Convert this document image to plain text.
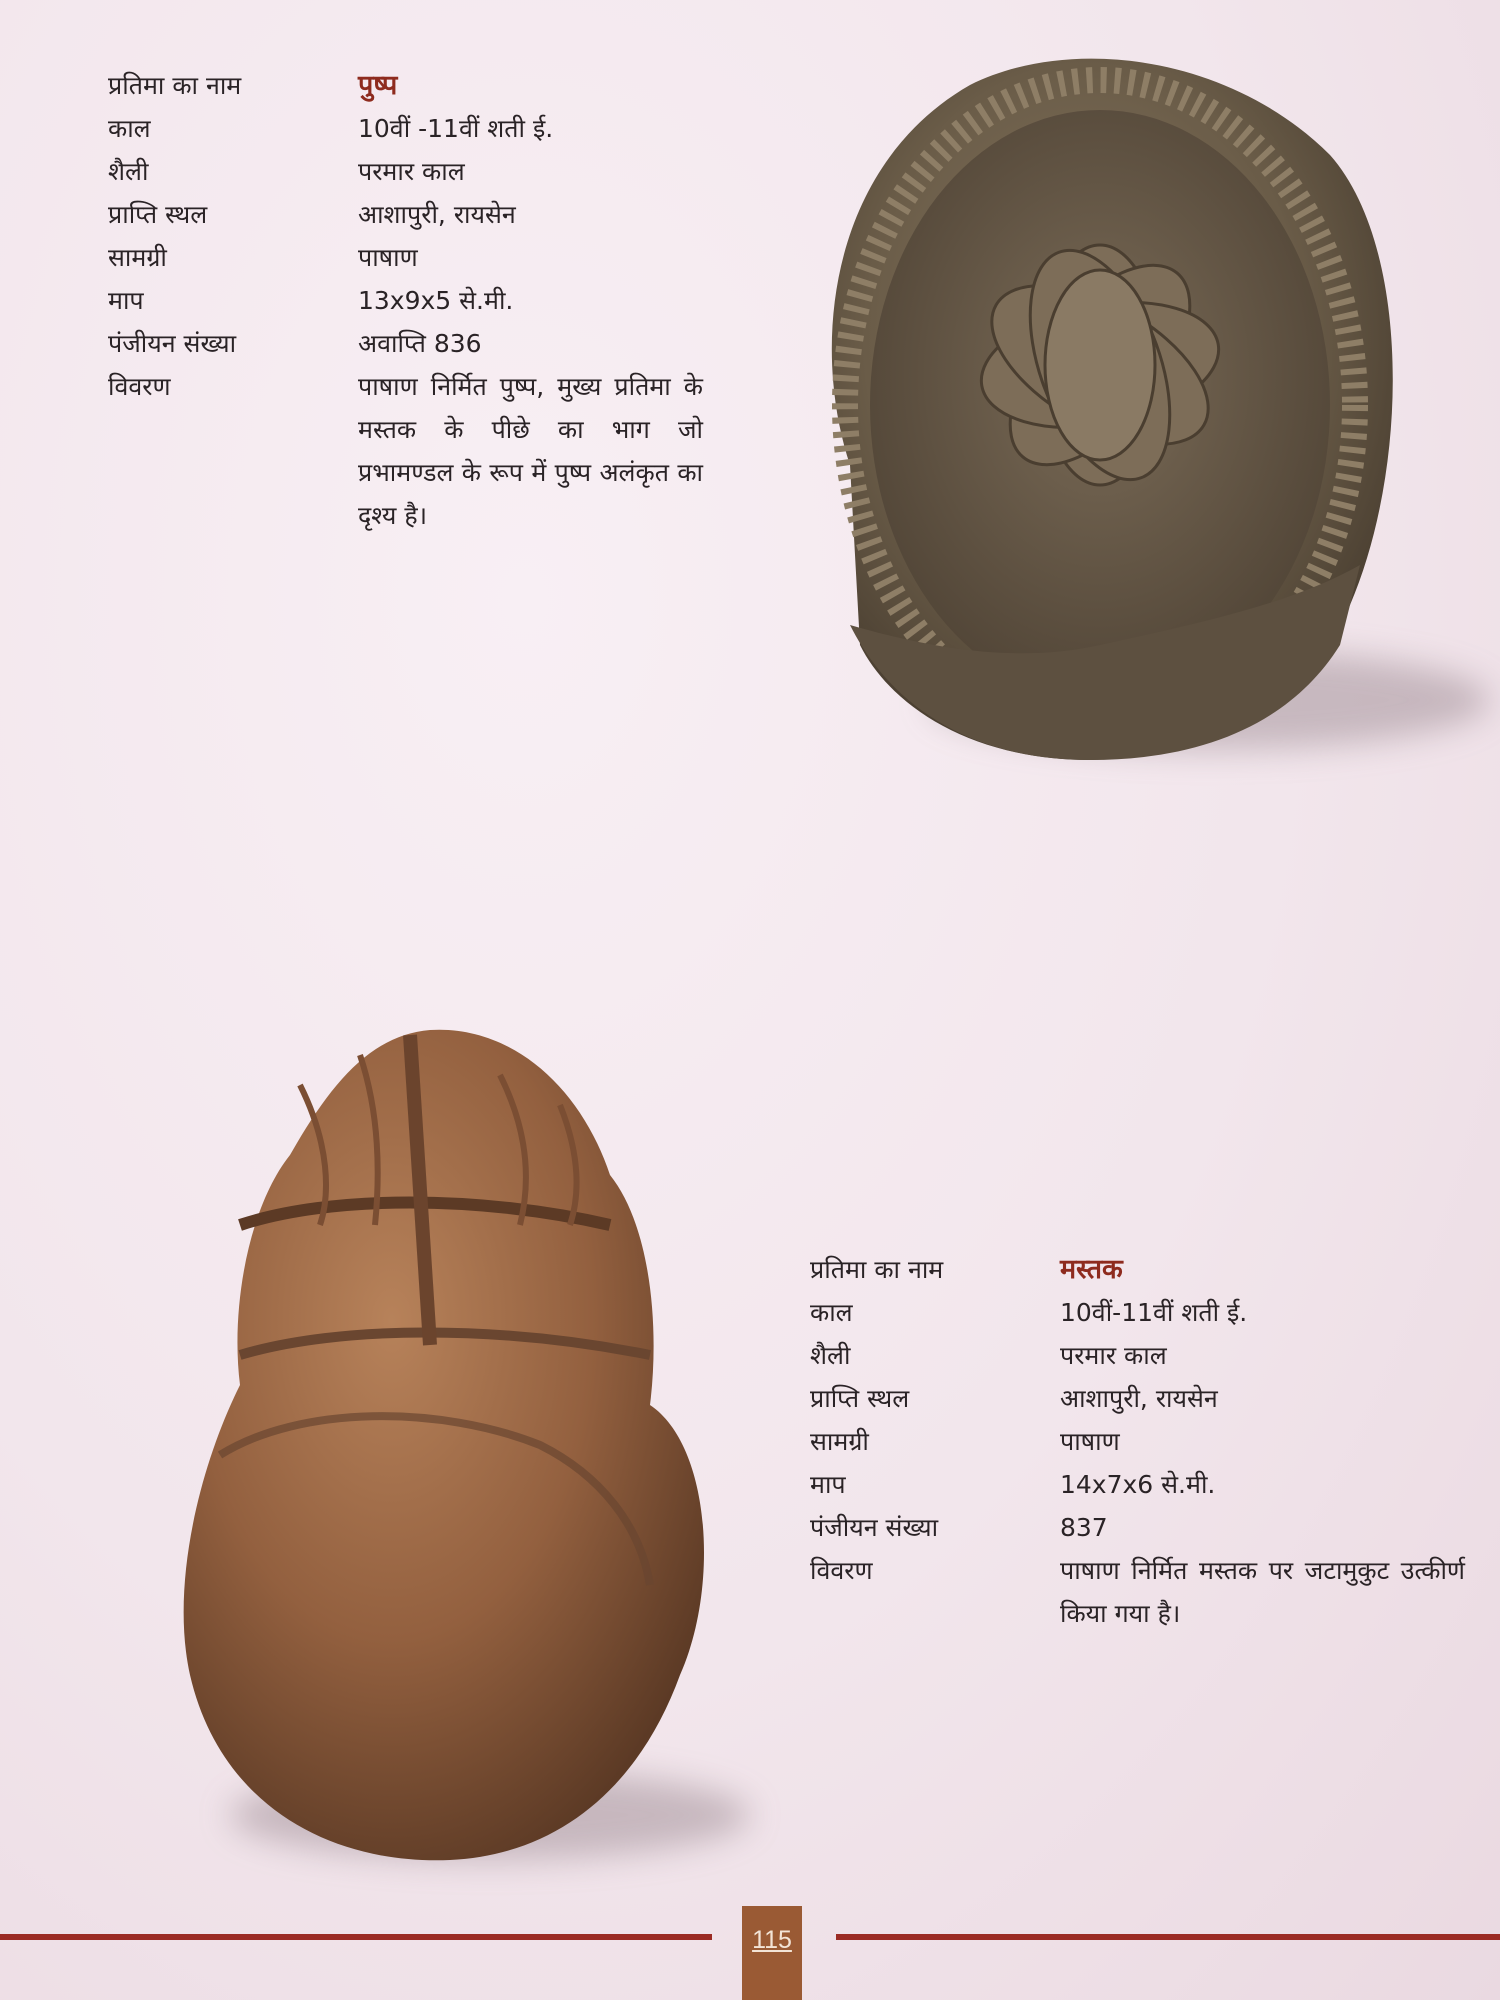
प्रतिमा का नाम	पुष्प
काल	10वीं -11वीं शती ई.
शैली	परमार काल
प्राप्ति स्थल	आशापुरी, रायसेन
सामग्री	पाषाण
माप	13x9x5 से.मी.
पंजीयन संख्या	अवाप्ति 836
विवरण	पाषाण निर्मित पुष्प, मुख्य प्रतिमा के मस्तक के पीछे का भाग जो प्रभामण्डल के रूप में पुष्प अलंकृत का दृश्य है।
प्रतिमा का नाम	मस्तक
काल	10वीं-11वीं शती ई.
शैली	परमार काल
प्राप्ति स्थल	आशापुरी, रायसेन
सामग्री	पाषाण
माप	14x7x6 से.मी.
पंजीयन संख्या	837
विवरण	पाषाण निर्मित मस्तक पर जटामुकुट उत्कीर्ण किया गया है।
115
